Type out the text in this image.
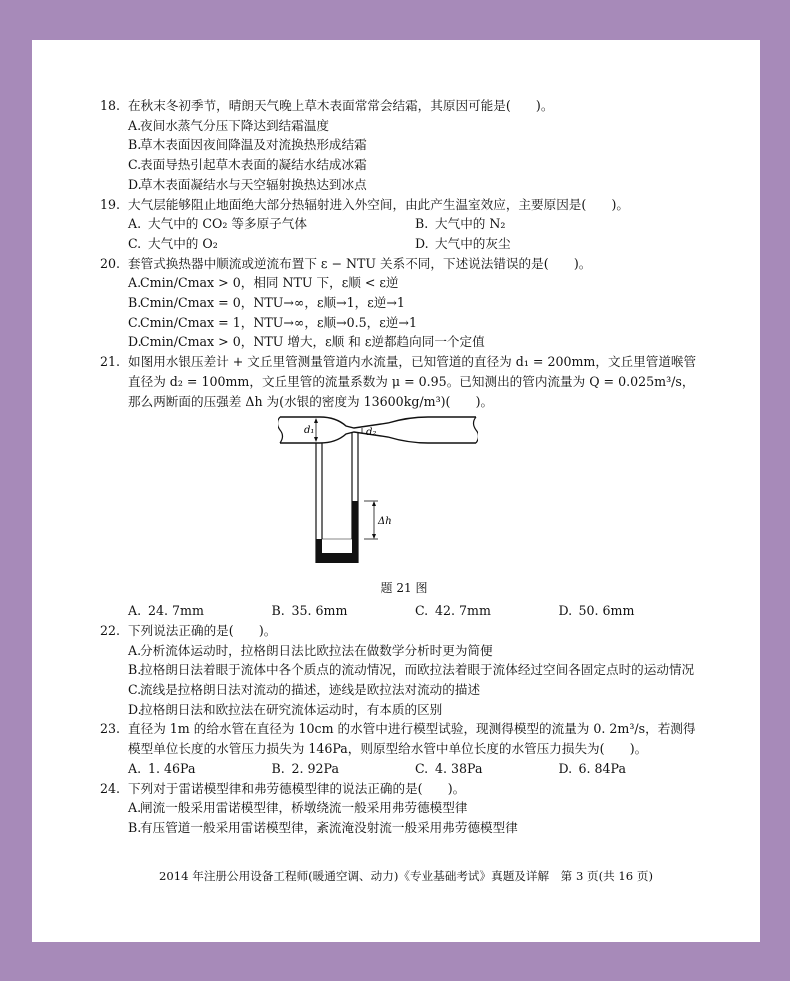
18. 在秋末冬初季节，晴朗天气晚上草木表面常常会结霜，其原因可能是(　　)。
A.
夜间水蒸气分压下降达到结霜温度
B.
草木表面因夜间降温及对流换热形成结霜
C.
表面导热引起草木表面的凝结水结成冰霜
D.
草木表面凝结水与天空辐射换热达到冰点
19. 大气层能够阻止地面绝大部分热辐射进入外空间，由此产生温室效应，主要原因是(　　)。
A. 大气中的 CO₂ 等多原子气体	B. 大气中的 N₂
C. 大气中的 O₂	D. 大气中的灰尘
20. 套管式换热器中顺流或逆流布置下 ε − NTU 关系不同，下述说法错误的是(　　)。
A.
Cmin/Cmax > 0，相同 NTU 下，ε顺 < ε逆
B.
Cmin/Cmax = 0，NTU→∞，ε顺→1，ε逆→1
C.
Cmin/Cmax = 1，NTU→∞，ε顺→0.5，ε逆→1
D.
Cmin/Cmax > 0，NTU 增大，ε顺 和 ε逆都趋向同一个定值
21. 如图用水银压差计 + 文丘里管测量管道内水流量，已知管道的直径为 d₁ = 200mm，文丘里管道喉管直径为 d₂ = 100mm，文丘里管的流量系数为 μ = 0.95。已知测出的管内流量为 Q = 0.025m³/s，那么两断面的压强差 Δh 为(水银的密度为 13600kg/m³)(　　)。
d₁	d₂
Δh
题 21 图
A. 24. 7mm	B. 35. 6mm	C. 42. 7mm	D. 50. 6mm
22. 下列说法正确的是(　　)。
A.
分析流体运动时，拉格朗日法比欧拉法在做数学分析时更为简便
B.
拉格朗日法着眼于流体中各个质点的流动情况，而欧拉法着眼于流体经过空间各固定点时的运动情况
C.
流线是拉格朗日法对流动的描述，迹线是欧拉法对流动的描述
D.
拉格朗日法和欧拉法在研究流体运动时，有本质的区别
23. 直径为 1m 的给水管在直径为 10cm 的水管中进行模型试验，现测得模型的流量为 0. 2m³/s，若测得模型单位长度的水管压力损失为 146Pa，则原型给水管中单位长度的水管压力损失为(　　)。
A. 1. 46Pa	B. 2. 92Pa	C. 4. 38Pa	D. 6. 84Pa
24. 下列对于雷诺模型律和弗劳德模型律的说法正确的是(　　)。
A.
闸流一般采用雷诺模型律，桥墩绕流一般采用弗劳德模型律
B.
有压管道一般采用雷诺模型律，紊流淹没射流一般采用弗劳德模型律
2014 年注册公用设备工程师(暖通空调、动力)《专业基础考试》真题及详解　第 3 页(共 16 页)
